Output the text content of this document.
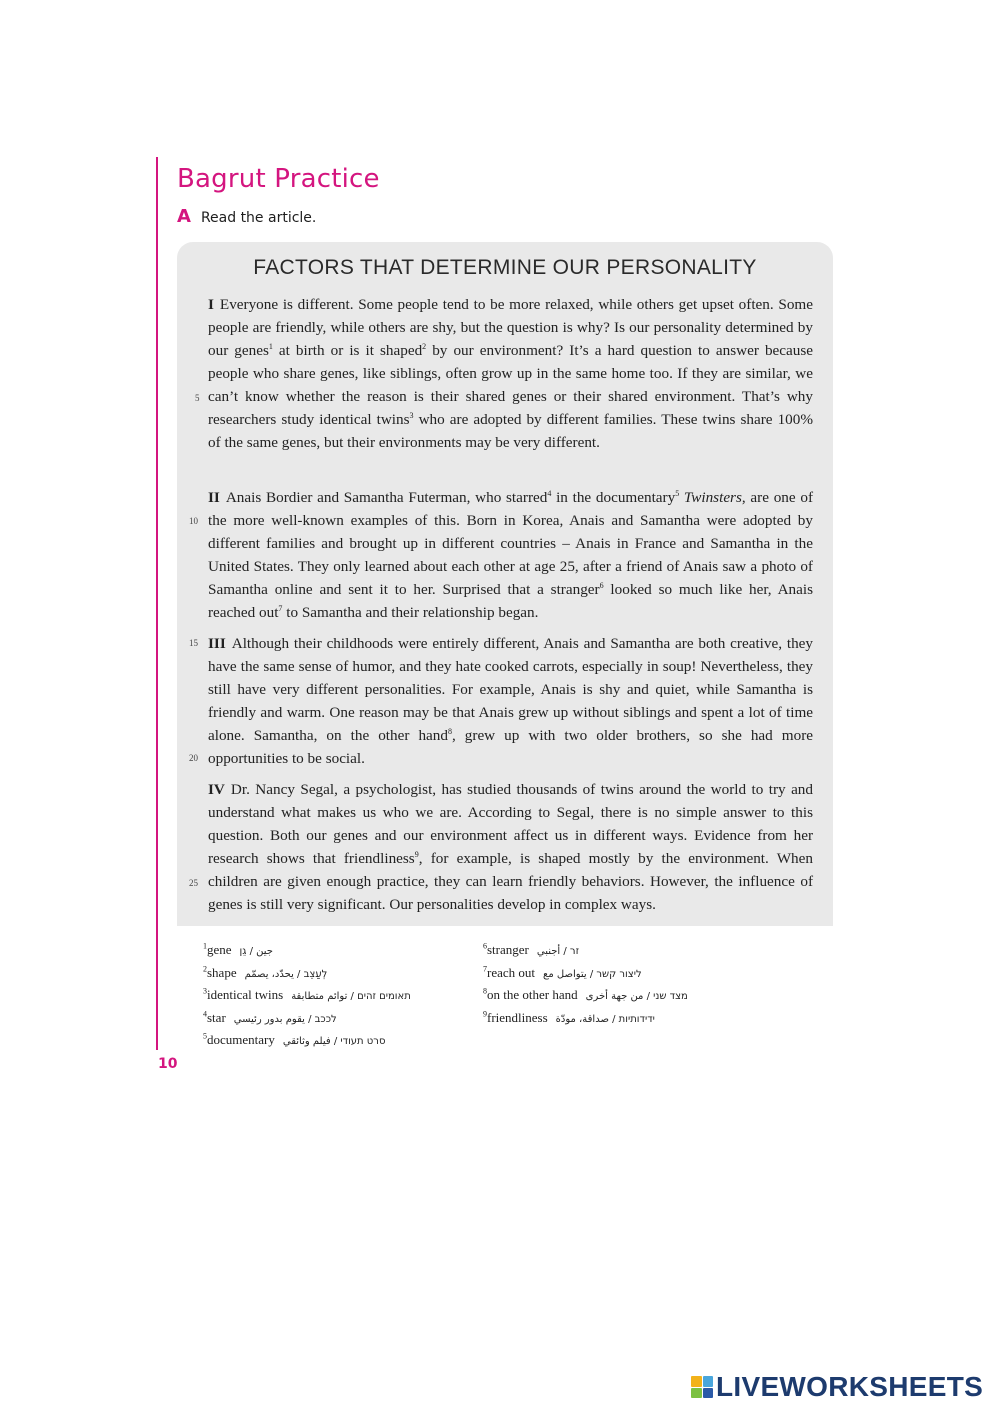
Bagrut Practice
A Read the article.
FACTORS THAT DETERMINE OUR PERSONALITY
I Everyone is different. Some people tend to be more relaxed, while others get upset often. Some people are friendly, while others are shy, but the question is why? Is our personality determined by our genes$^1$ at birth or is it shaped$^2$ by our environment? It’s a hard question to answer because people who share genes, like siblings, often grow up in the same home too. If they are similar, we can’t know whether the reason is their shared genes or their shared environment. That’s why researchers study identical twins$^3$ who are adopted by different families. These twins share 100% of the same genes, but their environments may be very different.
II Anais Bordier and Samantha Futerman, who starred$^4$ in the documentary$^5$ Twinsters, are one of the more well-known examples of this. Born in Korea, Anais and Samantha were adopted by different families and brought up in different countries – Anais in France and Samantha in the United States. They only learned about each other at age 25, after a friend of Anais saw a photo of Samantha online and sent it to her. Surprised that a stranger$^6$ looked so much like her, Anais reached out$^7$ to Samantha and their relationship began.
III Although their childhoods were entirely different, Anais and Samantha are both creative, they have the same sense of humor, and they hate cooked carrots, especially in soup! Nevertheless, they still have very different personalities. For example, Anais is shy and quiet, while Samantha is friendly and warm. One reason may be that Anais grew up without siblings and spent a lot of time alone. Samantha, on the other hand$^8$, grew up with two older brothers, so she had more opportunities to be social.
IV Dr. Nancy Segal, a psychologist, has studied thousands of twins around the world to try and understand what makes us who we are. According to Segal, there is no simple answer to this question. Both our genes and our environment affect us in different ways. Evidence from her research shows that friendliness$^9$, for example, is shaped mostly by the environment. When children are given enough practice, they can learn friendly behaviors. However, the influence of genes is still very significant. Our personalities develop in complex ways.
5
10
15
20
25
$^1$gene جين / גֵן
$^2$shape לְעַצֵב / يحدّد، يصمّم
$^3$identical twins תאומים זהים / توائم متطابقة
$^4$star לככב / يقوم بدور رئيسي
$^5$documentary סרט תעודי / فيلم وثائقي
$^6$stranger זר / أجنبي
$^7$reach out ליצור קשר / يتواصل مع
$^8$on the other hand מצד שני / من جهة أخرى
$^9$friendliness ידידותיות / صداقة، مودّة
10
LIVEWORKSHEETS
